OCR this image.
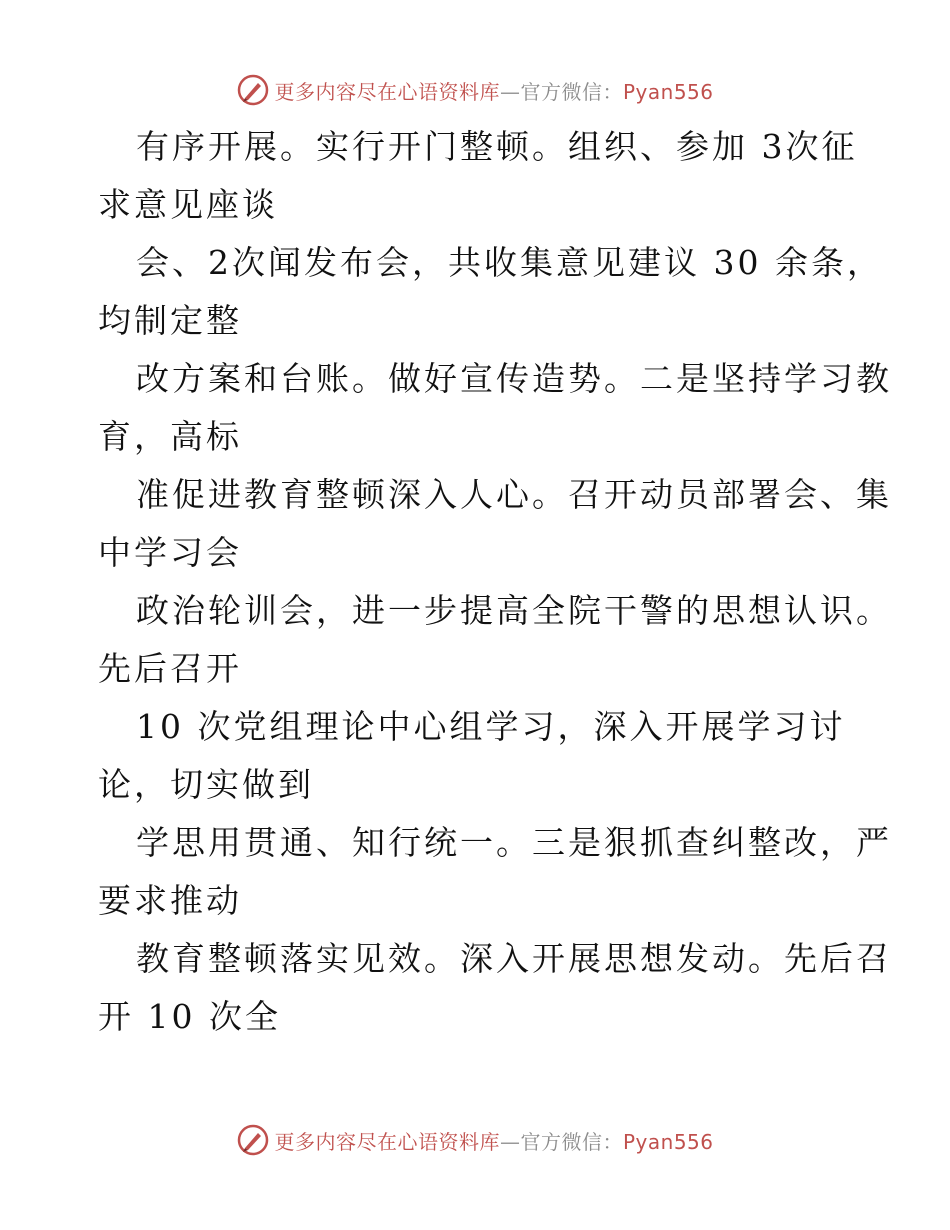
更多内容尽在心语资料库—官方微信：Pyan556
有序开展。实行开门整顿。组织、参加 3次征
求意见座谈
会、2次闻发布会，共收集意见建议 30 余条，
均制定整
改方案和台账。做好宣传造势。二是坚持学习教
育，高标
准促进教育整顿深入人心。召开动员部署会、集
中学习会
政治轮训会，进一步提高全院干警的思想认识。
先后召开
10 次党组理论中心组学习，深入开展学习讨
论，切实做到
学思用贯通、知行统一。三是狠抓查纠整改，严
要求推动
教育整顿落实见效。深入开展思想发动。先后召
开 10 次全
更多内容尽在心语资料库—官方微信：Pyan556
